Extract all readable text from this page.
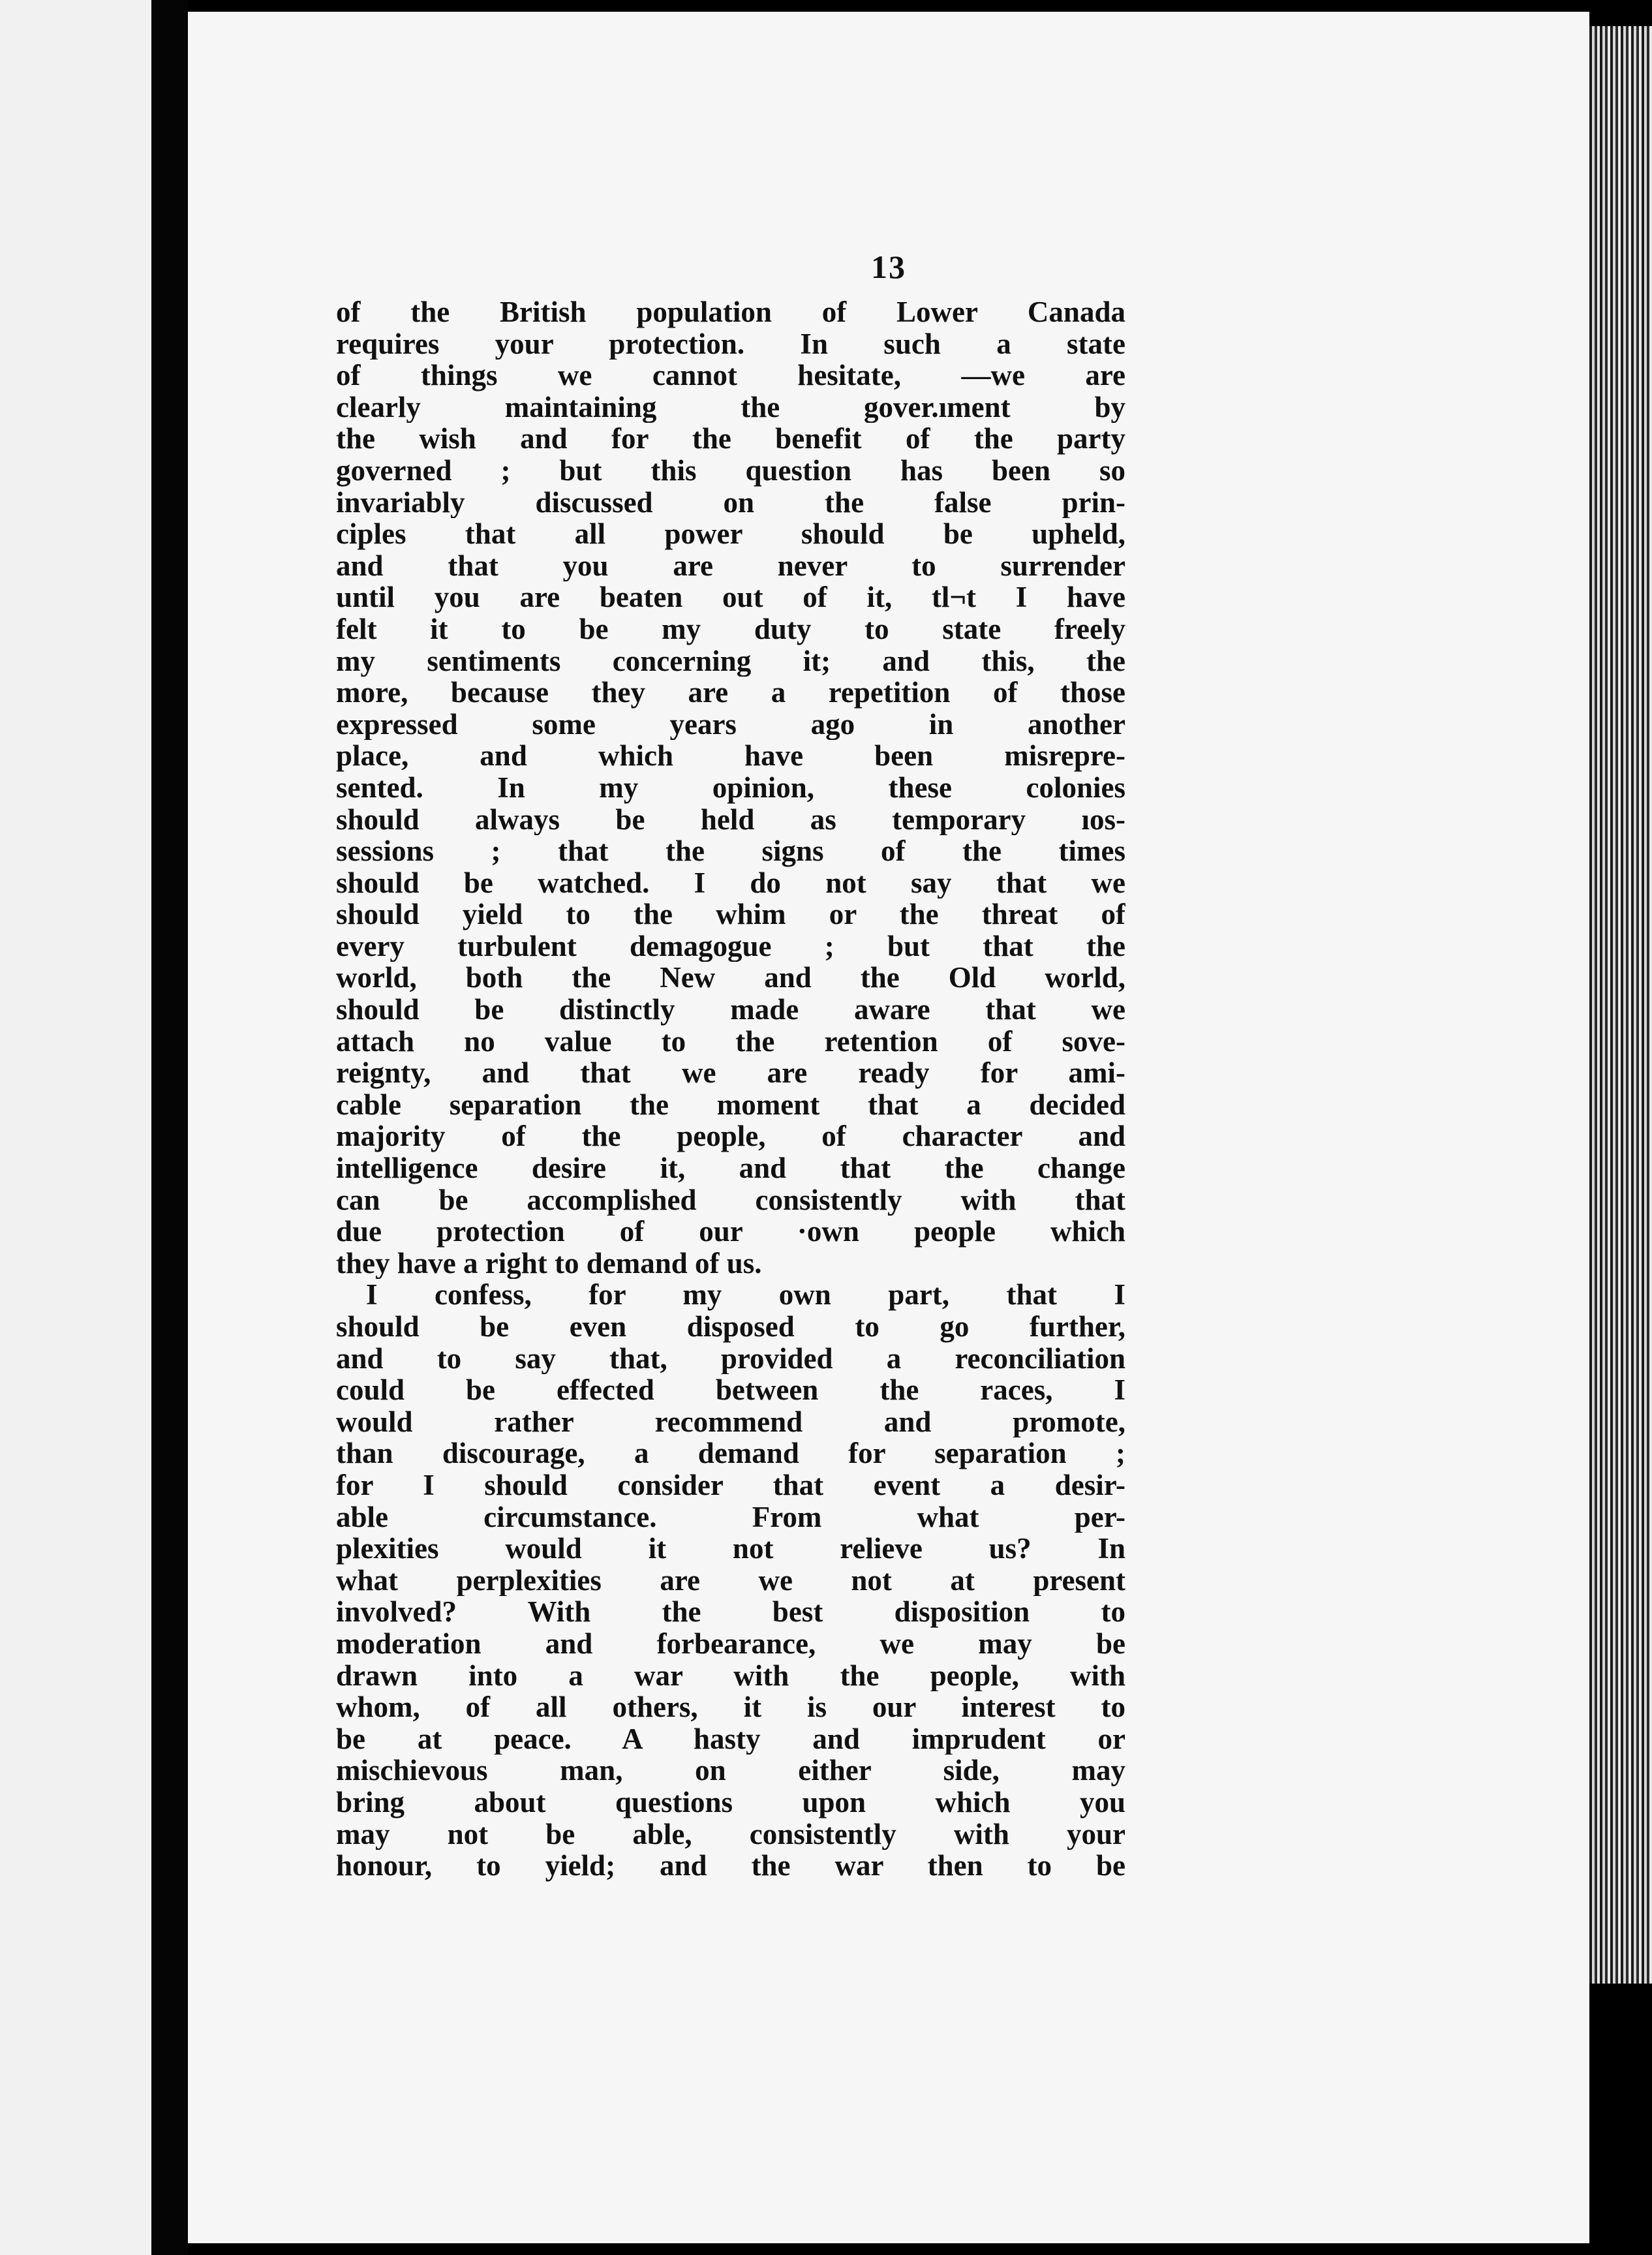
13
of the British population of Lower Canada
requires your protection. In such a state
of things we cannot hesitate, —we are
clearly maintaining the gover.ıment by
the wish and for the benefit of the party
governed ; but this question has been so
invariably discussed on the false prin-
ciples that all power should be upheld,
and that you are never to surrender
until you are beaten out of it, tl¬t I have
felt it to be my duty to state freely
my sentiments concerning it; and this, the
more, because they are a repetition of those
expressed some years ago in another
place, and which have been misrepre-
sented. In my opinion, these colonies
should always be held as temporary ıos-
sessions ; that the signs of the times
should be watched. I do not say that we
should yield to the whim or the threat of
every turbulent demagogue ; but that the
world, both the New and the Old world,
should be distinctly made aware that we
attach no value to the retention of sove-
reignty, and that we are ready for ami-
cable separation the moment that a decided
majority of the people, of character and
intelligence desire it, and that the change
can be accomplished consistently with that
due protection of our ·own people which
they have a right to demand of us.
I confess, for my own part, that I
should be even disposed to go further,
and to say that, provided a reconciliation
could be effected between the races, I
would rather recommend and promote,
than discourage, a demand for separation ;
for I should consider that event a desir-
able circumstance. From what per-
plexities would it not relieve us? In
what perplexities are we not at present
involved? With the best disposition to
moderation and forbearance, we may be
drawn into a war with the people, with
whom, of all others, it is our interest to
be at peace. A hasty and imprudent or
mischievous man, on either side, may
bring about questions upon which you
may not be able, consistently with your
honour, to yield; and the war then to be
